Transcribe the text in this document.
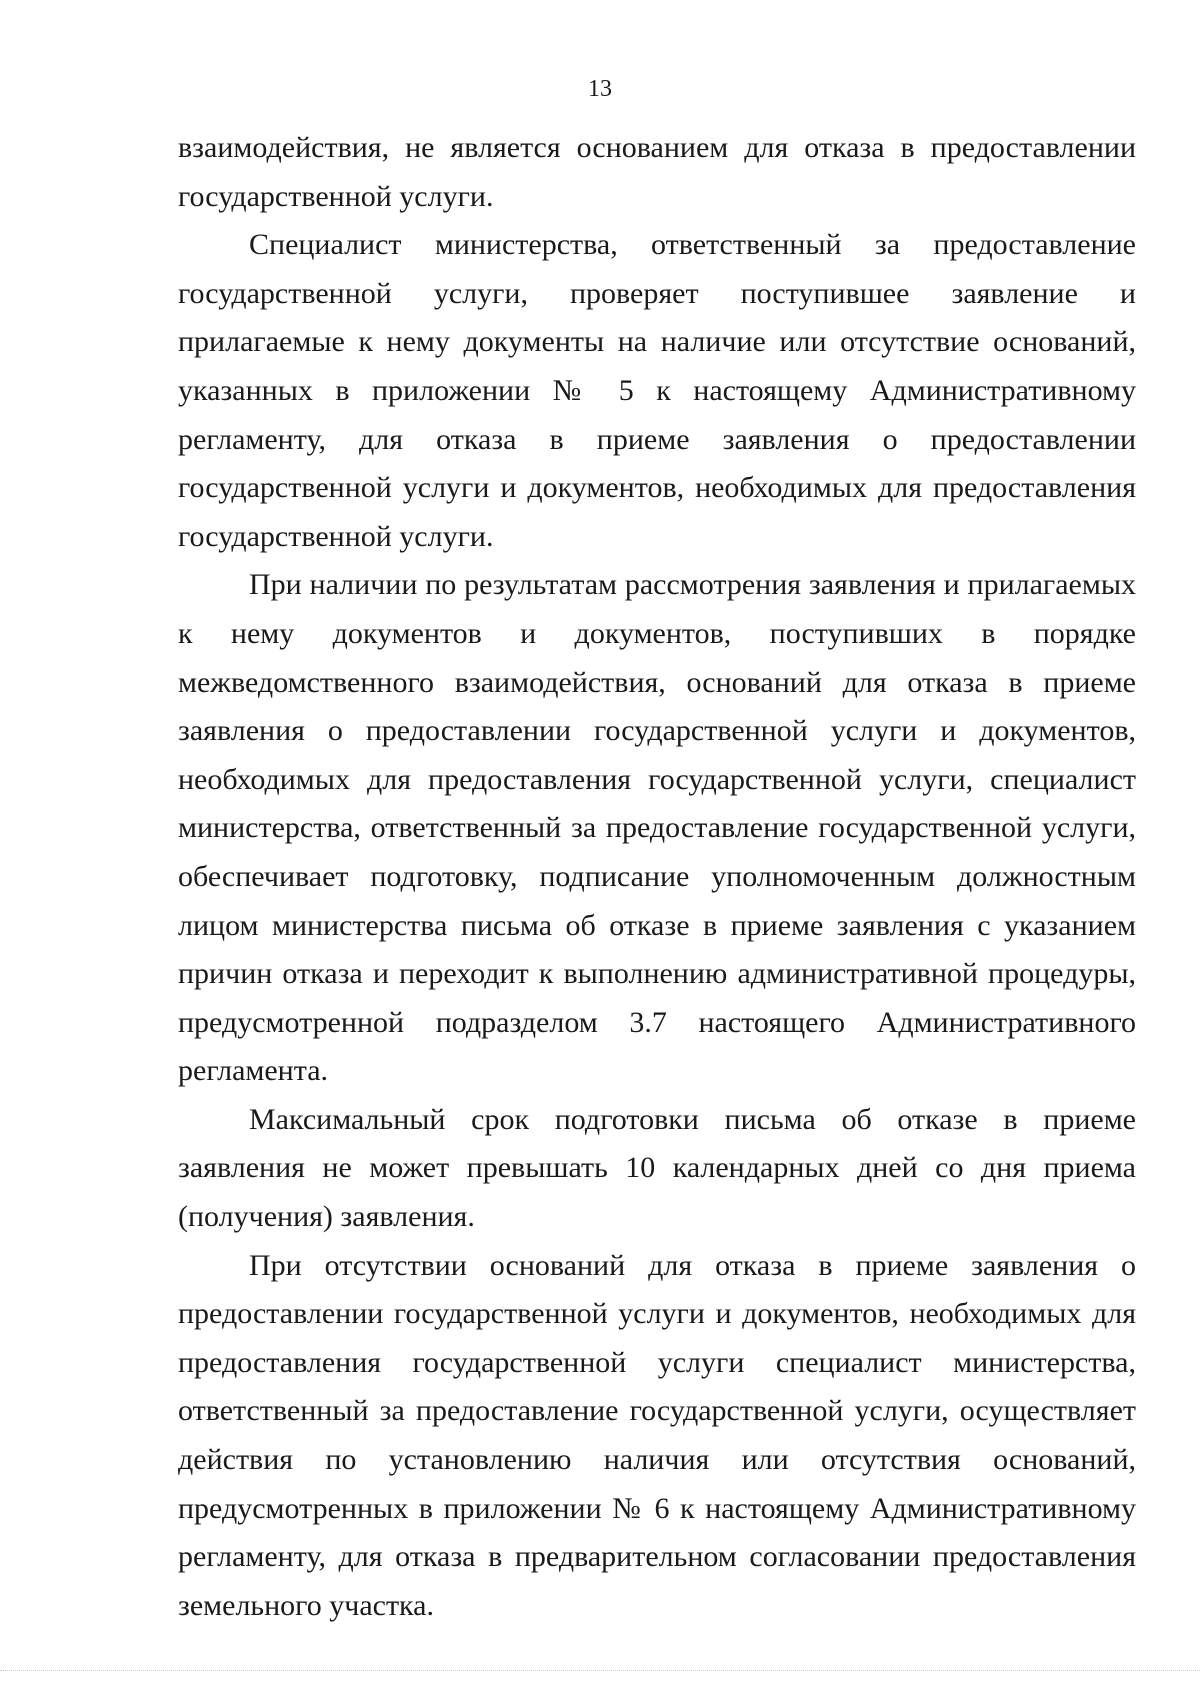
13

взаимодействия, не является основанием для отказа в предоставлении государственной услуги.

Специалист министерства, ответственный за предоставление государственной услуги, проверяет поступившее заявление и прилагаемые к нему документы на наличие или отсутствие оснований, указанных в приложении № 5 к настоящему Административному регламенту, для отказа в приеме заявления о предоставлении государственной услуги и документов, необходимых для предоставления государственной услуги.

При наличии по результатам рассмотрения заявления и прилагаемых к нему документов и документов, поступивших в порядке межведомственного взаимодействия, оснований для отказа в приеме заявления о предоставлении государственной услуги и документов, необходимых для предоставления государственной услуги, специалист министерства, ответственный за предоставление государственной услуги, обеспечивает подготовку, подписание уполномоченным должностным лицом министерства письма об отказе в приеме заявления с указанием причин отказа и переходит к выполнению административной процедуры, предусмотренной подразделом 3.7 настоящего Административного регламента.

Максимальный срок подготовки письма об отказе в приеме заявления не может превышать 10 календарных дней со дня приема (получения) заявления.

При отсутствии оснований для отказа в приеме заявления о предоставлении государственной услуги и документов, необходимых для предоставления государственной услуги специалист министерства, ответственный за предоставление государственной услуги, осуществляет действия по установлению наличия или отсутствия оснований, предусмотренных в приложении № 6 к настоящему Административному регламенту, для отказа в предварительном согласовании предоставления земельного участка.
